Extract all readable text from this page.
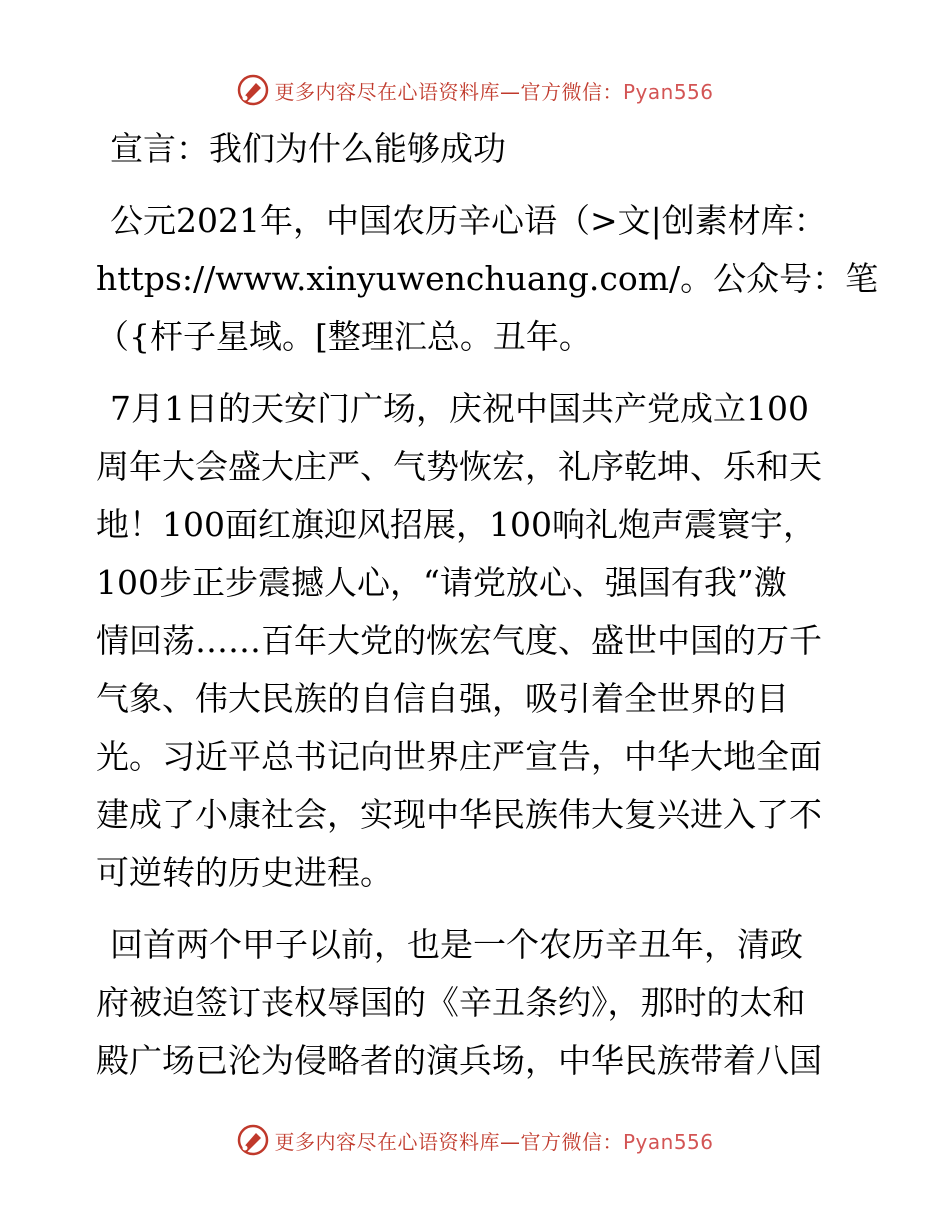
更多内容尽在心语资料库—官方微信：Pyan556
宣言：我们为什么能够成功

公元2021年，中国农历辛心语（>文|创素材库：
https://www.xinyuwenchuang.com/。公众号：笔
（{杆子星域。[整理汇总。丑年。

7月1日的天安门广场，庆祝中国共产党成立100
周年大会盛大庄严、气势恢宏，礼序乾坤、乐和天
地！100面红旗迎风招展，100响礼炮声震寰宇，
100步正步震撼人心，“请党放心、强国有我”激
情回荡……百年大党的恢宏气度、盛世中国的万千
气象、伟大民族的自信自强，吸引着全世界的目
光。习近平总书记向世界庄严宣告，中华大地全面
建成了小康社会，实现中华民族伟大复兴进入了不
可逆转的历史进程。

回首两个甲子以前，也是一个农历辛丑年，清政
府被迫签订丧权辱国的《辛丑条约》，那时的太和
殿广场已沦为侵略者的演兵场，中华民族带着八国

更多内容尽在心语资料库—官方微信：Pyan556
